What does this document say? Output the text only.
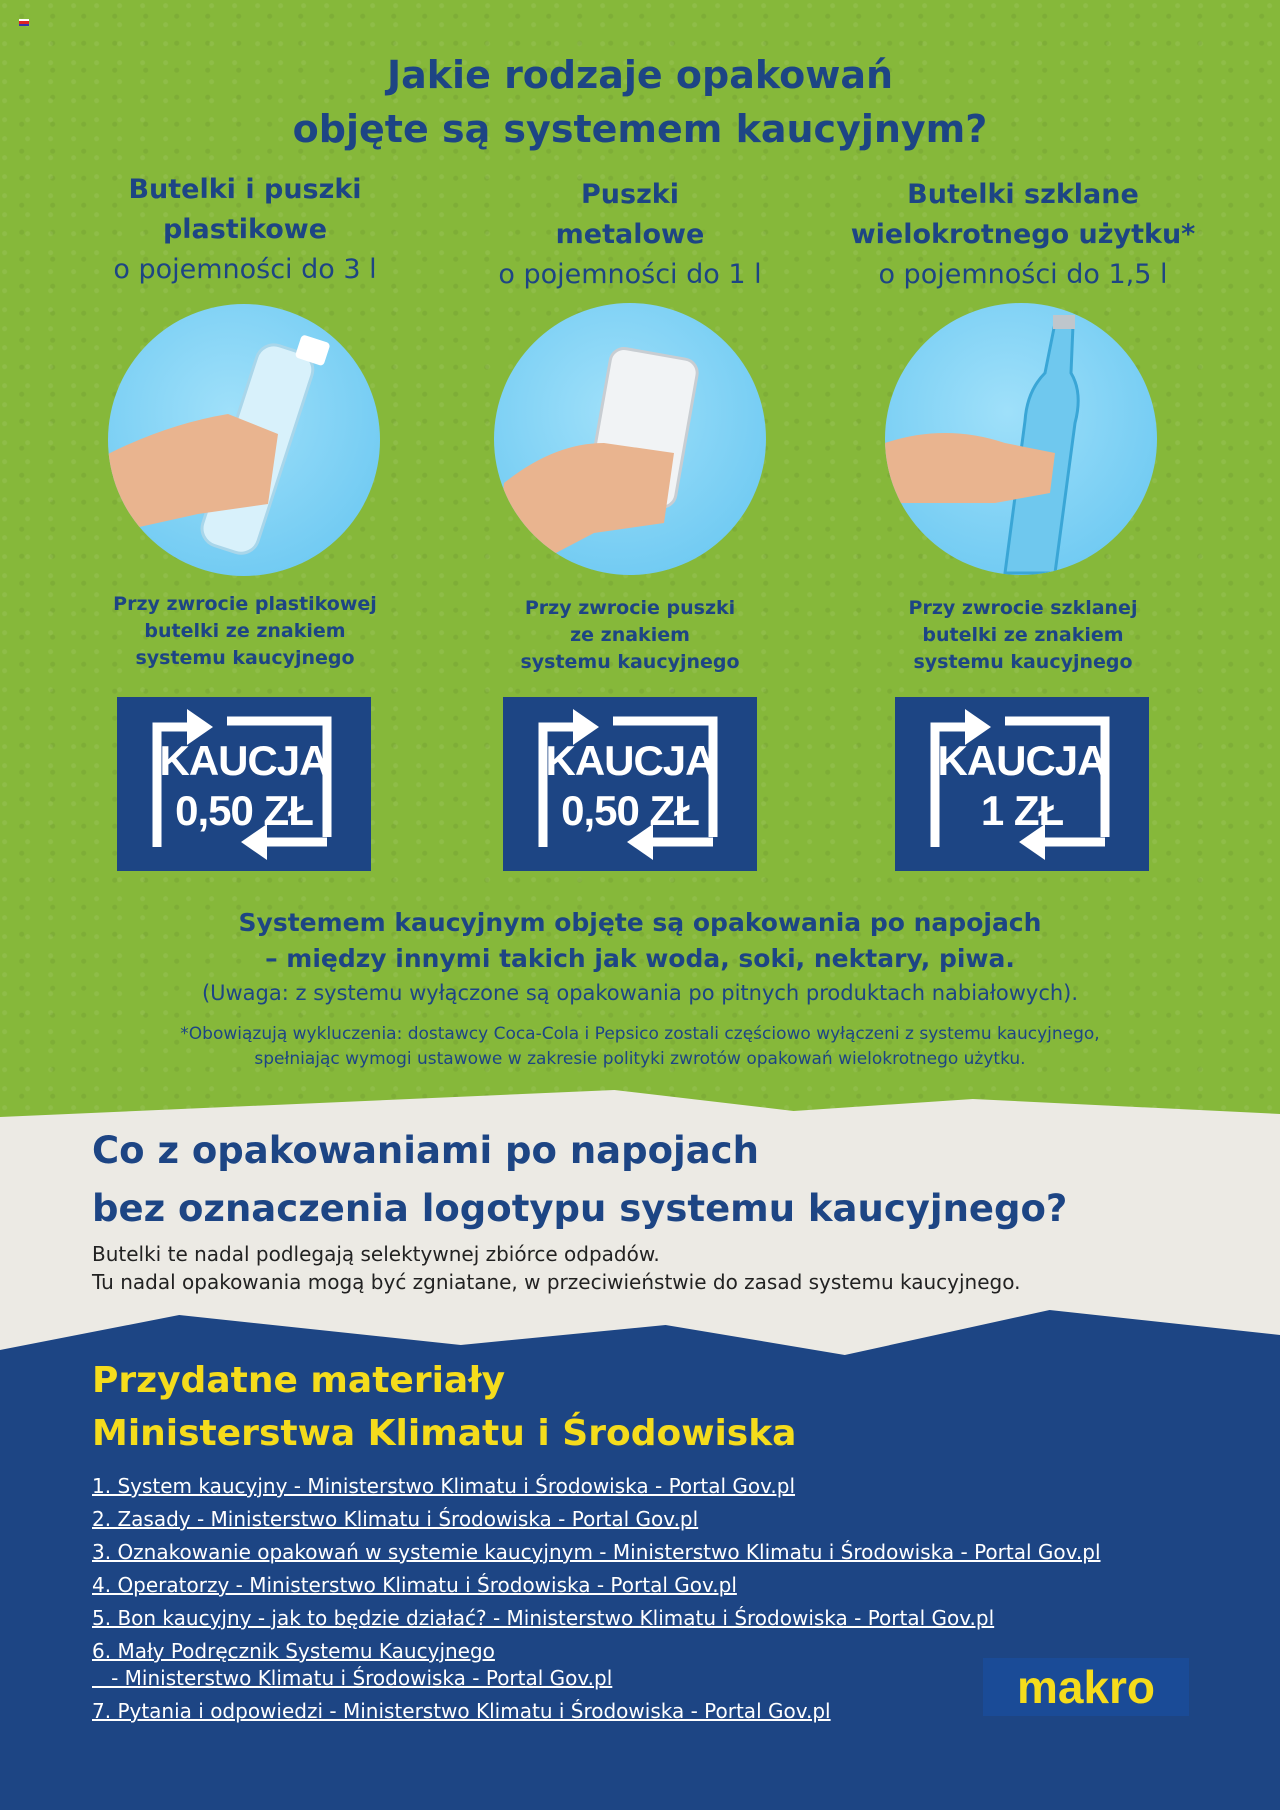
Jakie rodzaje opakowań
objęte są systemem kaucyjnym?
Butelki i puszki
plastikowe
o pojemności do 3 l
Przy zwrocie plastikowej
butelki ze znakiem
systemu kaucyjnego
KAUCJA
0,50 ZŁ
Puszki
metalowe
o pojemności do 1 l
Przy zwrocie puszki
ze znakiem
systemu kaucyjnego
KAUCJA
0,50 ZŁ
Butelki szklane
wielokrotnego użytku*
o pojemności do 1,5 l
Przy zwrocie szklanej
butelki ze znakiem
systemu kaucyjnego
KAUCJA
1 ZŁ
Systemem kaucyjnym objęte są opakowania po napojach
– między innymi takich jak woda, soki, nektary, piwa.
(Uwaga: z systemu wyłączone są opakowania po pitnych produktach nabiałowych).
*Obowiązują wykluczenia: dostawcy Coca-Cola i Pepsico zostali częściowo wyłączeni z systemu kaucyjnego,
spełniając wymogi ustawowe w zakresie polityki zwrotów opakowań wielokrotnego użytku.
Co z opakowaniami po napojach
bez oznaczenia logotypu systemu kaucyjnego?
Butelki te nadal podlegają selektywnej zbiórce odpadów.
Tu nadal opakowania mogą być zgniatane, w przeciwieństwie do zasad systemu kaucyjnego.
Przydatne materiały
Ministerstwa Klimatu i Środowiska
1. System kaucyjny - Ministerstwo Klimatu i Środowiska - Portal Gov.pl
2. Zasady - Ministerstwo Klimatu i Środowiska - Portal Gov.pl
3. Oznakowanie opakowań w systemie kaucyjnym - Ministerstwo Klimatu i Środowiska - Portal Gov.pl
4. Operatorzy - Ministerstwo Klimatu i Środowiska - Portal Gov.pl
5. Bon kaucyjny - jak to będzie działać? - Ministerstwo Klimatu i Środowiska - Portal Gov.pl
6. Mały Podręcznik Systemu Kaucyjnego
- Ministerstwo Klimatu i Środowiska - Portal Gov.pl
7. Pytania i odpowiedzi - Ministerstwo Klimatu i Środowiska - Portal Gov.pl	makro
